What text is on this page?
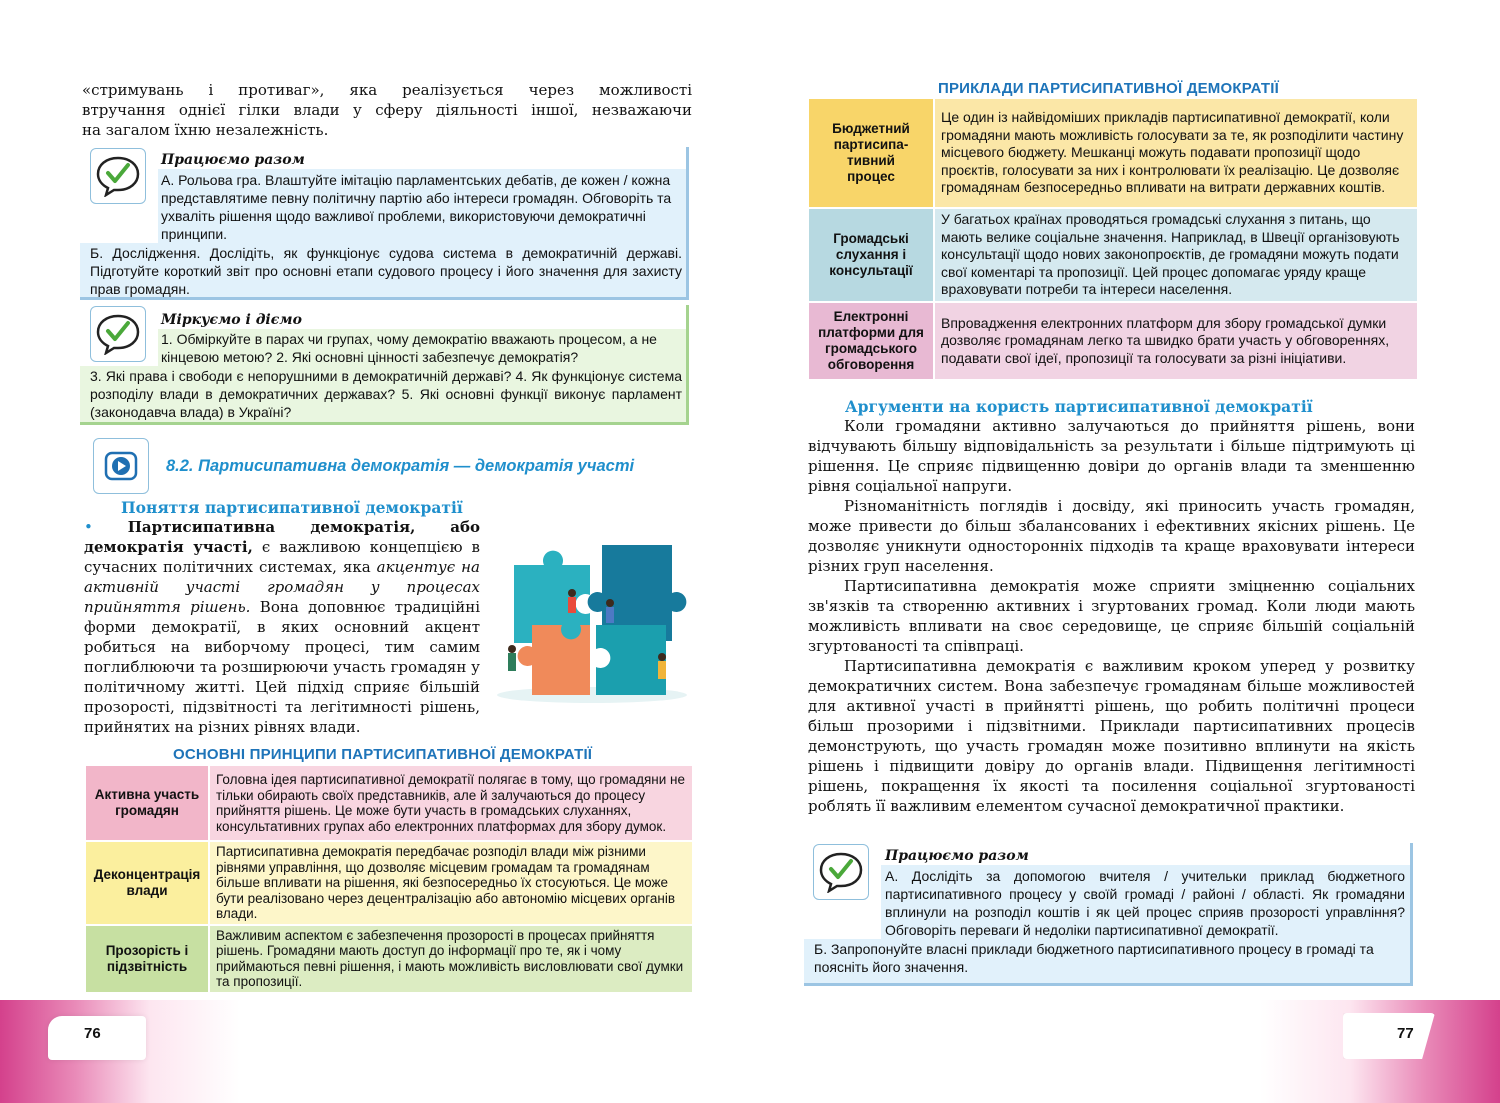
76	77

«стримувань і противаг», яка реалізується через можливості

втручання однієї гілки влади у сферу діяльності іншої, незважаючи

на загалом їхню незалежність.

Працюємо разом
А. Рольова гра. Влаштуйте імітацію парламентських дебатів, де кожен / кожна представлятиме певну політичну партію або інтереси громадян. Обговоріть та ухваліть рішення щодо важливої проблеми, використовуючи демократичні принципи.
Б. Дослідження. Дослідіть, як функціонує судова система в демократичній державі. Підготуйте короткий звіт про основні етапи судового процесу і його значення для захисту прав громадян.
Міркуємо і діємо
1. Обміркуйте в парах чи групах, чому демократію вважають процесом, а не кінцевою метою? 2. Які основні цінності забезпечує демократія?
3. Які права і свободи є непорушними в демократичній державі? 4. Як функціонує система розподілу влади в демократичних державах? 5. Які основні функції виконує парламент (законодавча влада) в Україні?
8.2. Партисипативна демократія — демократія участі
Поняття партисипативної демократії

• Партисипативна демократія, або демократія участі, є важливою концепцією в сучасних політичних системах, яка акцентує на активній участі громадян у процесах прийняття рішень. Вона доповнює традиційні форми демократії, в яких основний акцент робиться на виборчому процесі, тим самим поглиблюючи та розширюючи участь громадян у політичному житті. Цей підхід сприяє більшій прозорості, підзвітності та легітимності рішень, прийнятих на різних рівнях влади.

ОСНОВНІ ПРИНЦИПИ ПАРТИСИПАТИВНОЇ ДЕМОКРАТІЇ
Активна участь громадян	Головна ідея партисипативної демократії полягає в тому, що громадяни не тільки обирають своїх представників, але й залучаються до процесу прийняття рішень. Це може бути участь в громадських слуханнях, консультативних групах або електронних платформах для збору думок.
Деконцентрація влади	Партисипативна демократія передбачає розподіл влади між різними рівнями управління, що дозволяє місцевим громадам та громадянам більше впливати на рішення, які безпосередньо їх стосуються. Це може бути реалізовано через децентралізацію або автономію місцевих органів влади.
Прозорість і підзвітність	Важливим аспектом є забезпечення прозорості в процесах прийняття рішень. Громадяни мають доступ до інформації про те, як і чому приймаються певні рішення, і мають можливість висловлювати свої думки та пропозиції.
ПРИКЛАДИ ПАРТИСИПАТИВНОЇ ДЕМОКРАТІЇ
Бюджетний партисипативний процес	Це один із найвідоміших прикладів партисипативної демократії, коли громадяни мають можливість голосувати за те, як розподілити частину місцевого бюджету. Мешканці можуть подавати пропозиції щодо проєктів, голосувати за них і контролювати їх реалізацію. Це дозволяє громадянам безпосередньо впливати на витрати державних коштів.
Громадські слухання і консультації	У багатьох країнах проводяться громадські слухання з питань, що мають велике соціальне значення. Наприклад, в Швеції організовують консультації щодо нових законопроєктів, де громадяни можуть подати свої коментарі та пропозиції. Цей процес допомагає уряду краще враховувати потреби та інтереси населення.
Електронні платформи для громадського обговорення	Впровадження електронних платформ для збору громадської думки дозволяє громадянам легко та швидко брати участь у обговореннях, подавати свої ідеї, пропозиції та голосувати за різні ініціативи.
Аргументи на користь партисипативної демократії

Коли громадяни активно залучаються до прийняття рішень, вони відчувають більшу відповідальність за результати і більше підтримують ці рішення. Це сприяє підвищенню довіри до органів влади та зменшенню рівня соціальної напруги.

Різноманітність поглядів і досвіду, які приносить участь громадян, може привести до більш збалансованих і ефективних якісних рішень. Це дозволяє уникнути односторонніх підходів та краще враховувати інтереси різних груп населення.

Партисипативна демократія може сприяти зміцненню соціальних зв'язків та створенню активних і згуртованих громад. Коли люди мають можливість впливати на своє середовище, це сприяє більшій соціальній згуртованості та співпраці.

Партисипативна демократія є важливим кроком уперед у розвитку демократичних систем. Вона забезпечує громадянам більше можливостей для активної участі в прийнятті рішень, що робить політичні процеси більш прозорими і підзвітними. Приклади партисипативних процесів демонструють, що участь громадян може позитивно вплинути на якість рішень і підвищити довіру до органів влади. Підвищення легітимності рішень, покращення їх якості та посилення соціальної згуртованості роблять її важливим елементом сучасної демократичної практики.

Працюємо разом
А. Дослідіть за допомогою вчителя / учительки приклад бюджетного партисипативного процесу у своїй громаді / районі / області. Як громадяни вплинули на розподіл коштів і як цей процес сприяв прозорості управління? Обговоріть переваги й недоліки партисипативної демократії.
Б. Запропонуйте власні приклади бюджетного партисипативного процесу в громаді та поясніть його значення.
